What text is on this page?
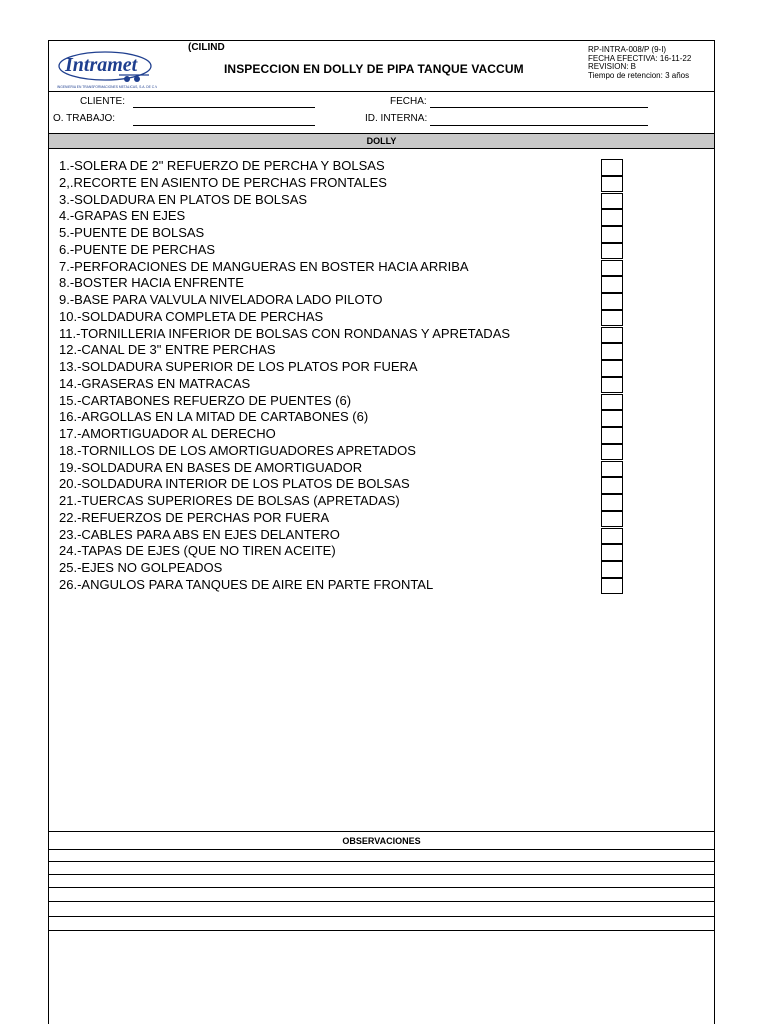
Intramet
INGENIERIA EN TRANSFORMACIONES METALICAS, S.A. DE C.V.
(CILIND
INSPECCION EN DOLLY DE PIPA TANQUE VACCUM
RP-INTRA-008/P (9-I)
FECHA EFECTIVA: 16-11-22
REVISION: B
Tiempo de retencion: 3 años
CLIENTE:	FECHA:
O. TRABAJO:	ID. INTERNA:
DOLLY
1.-SOLERA DE 2" REFUERZO DE PERCHA Y BOLSAS
2,.RECORTE EN ASIENTO DE PERCHAS FRONTALES
3.-SOLDADURA EN PLATOS DE BOLSAS
4.-GRAPAS EN EJES
5.-PUENTE DE BOLSAS
6.-PUENTE DE PERCHAS
7.-PERFORACIONES DE MANGUERAS EN BOSTER HACIA ARRIBA
8.-BOSTER HACIA ENFRENTE
9.-BASE PARA VALVULA NIVELADORA LADO PILOTO
10.-SOLDADURA COMPLETA DE PERCHAS
11.-TORNILLERIA INFERIOR DE BOLSAS CON RONDANAS Y APRETADAS
12.-CANAL DE 3" ENTRE PERCHAS
13.-SOLDADURA SUPERIOR DE LOS PLATOS POR FUERA
14.-GRASERAS EN MATRACAS
15.-CARTABONES REFUERZO DE PUENTES (6)
16.-ARGOLLAS EN LA MITAD DE CARTABONES (6)
17.-AMORTIGUADOR AL DERECHO
18.-TORNILLOS DE LOS AMORTIGUADORES APRETADOS
19.-SOLDADURA EN BASES DE AMORTIGUADOR
20.-SOLDADURA INTERIOR DE LOS PLATOS DE BOLSAS
21.-TUERCAS SUPERIORES DE BOLSAS (APRETADAS)
22.-REFUERZOS DE PERCHAS POR FUERA
23.-CABLES PARA ABS EN EJES DELANTERO
24.-TAPAS DE EJES (QUE NO TIREN ACEITE)
25.-EJES NO GOLPEADOS
26.-ANGULOS PARA TANQUES DE AIRE EN PARTE FRONTAL
OBSERVACIONES
